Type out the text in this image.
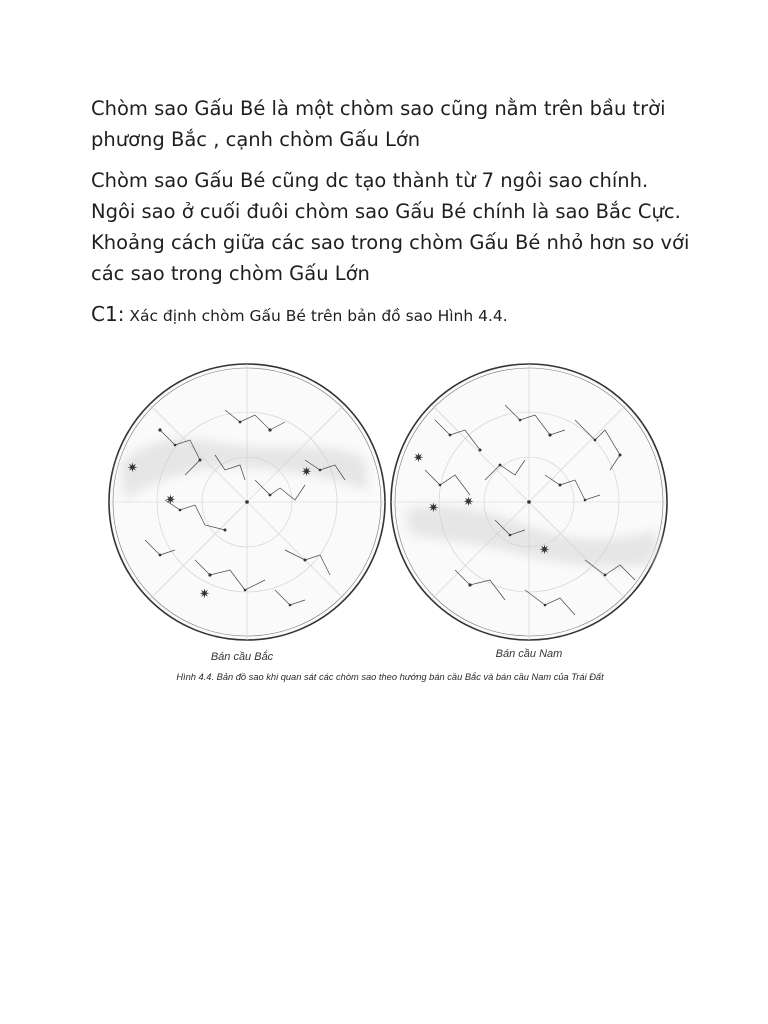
Chòm sao Gấu Bé là một chòm sao cũng nằm trên bầu trời phương Bắc , cạnh chòm Gấu Lớn

Chòm sao Gấu Bé cũng dc tạo thành từ 7 ngôi sao chính. Ngôi sao ở cuối đuôi chòm sao Gấu Bé chính là sao Bắc Cực. Khoảng cách giữa các sao trong chòm Gấu Bé nhỏ hơn so với các sao trong chòm Gấu Lớn

C1: Xác định chòm Gấu Bé trên bản đồ sao Hình 4.4.

✷
✷
✷
✷
✷
✷ ✷
✷
Bán cầu Bắc	Bán cầu Nam
Hình 4.4. Bản đồ sao khi quan sát các chòm sao theo hướng bán cầu Bắc và bán cầu Nam của Trái Đất
